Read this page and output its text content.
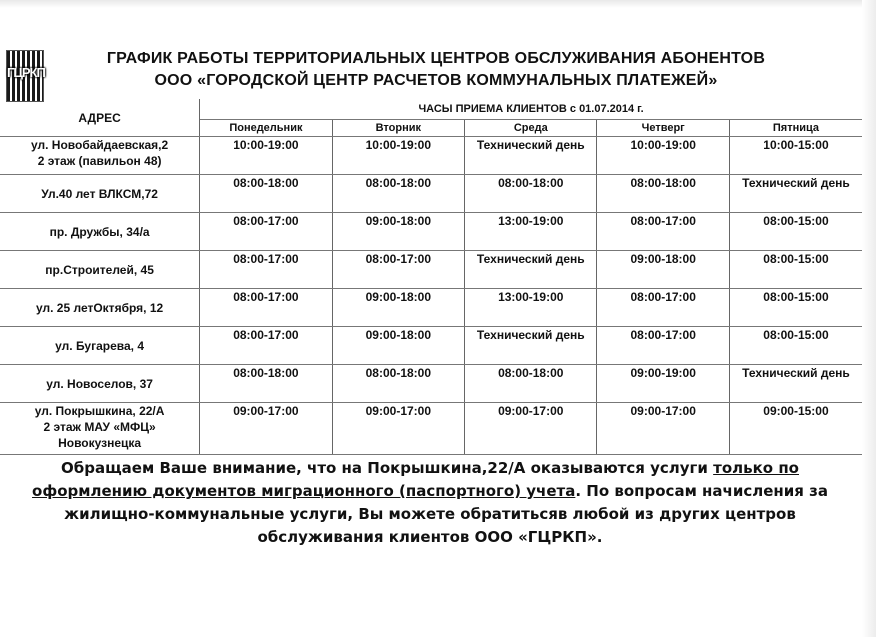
ГЦРКП
ГРАФИК РАБОТЫ ТЕРРИТОРИАЛЬНЫХ ЦЕНТРОВ ОБСЛУЖИВАНИЯ АБОНЕНТОВ
ООО «ГОРОДСКОЙ ЦЕНТР РАСЧЕТОВ КОММУНАЛЬНЫХ ПЛАТЕЖЕЙ»
АДРЕС	ЧАСЫ ПРИЕМА КЛИЕНТОВ с 01.07.2014 г.				
	Понедельник	Вторник	Среда	Четверг	Пятница

ул. Новобайдаевская,2
2 этаж (павильон 48)	10:00-19:00	10:00-19:00	Технический день	10:00-19:00	10:00-15:00

Ул.40 лет ВЛКСМ,72	08:00-18:00	08:00-18:00	08:00-18:00	08:00-18:00	Технический день

пр. Дружбы, 34/а	08:00-17:00	09:00-18:00	13:00-19:00	08:00-17:00	08:00-15:00

пр.Строителей, 45	08:00-17:00	08:00-17:00	Технический день	09:00-18:00	08:00-15:00

ул. 25 летОктября, 12	08:00-17:00	09:00-18:00	13:00-19:00	08:00-17:00	08:00-15:00

ул. Бугарева, 4	08:00-17:00	09:00-18:00	Технический день	08:00-17:00	08:00-15:00

ул. Новоселов, 37	08:00-18:00	08:00-18:00	08:00-18:00	09:00-19:00	Технический день

ул. Покрышкина, 22/А
2 этаж МАУ «МФЦ»
Новокузнецка	09:00-17:00	09:00-17:00	09:00-17:00	09:00-17:00	09:00-15:00
Обращаем Ваше внимание, что на Покрышкина,22/А оказываются услуги только по оформлению документов миграционного (паспортного) учета. По вопросам начисления за жилищно-коммунальные услуги, Вы можете обратитьсяв любой из других центров обслуживания клиентов ООО «ГЦРКП».
